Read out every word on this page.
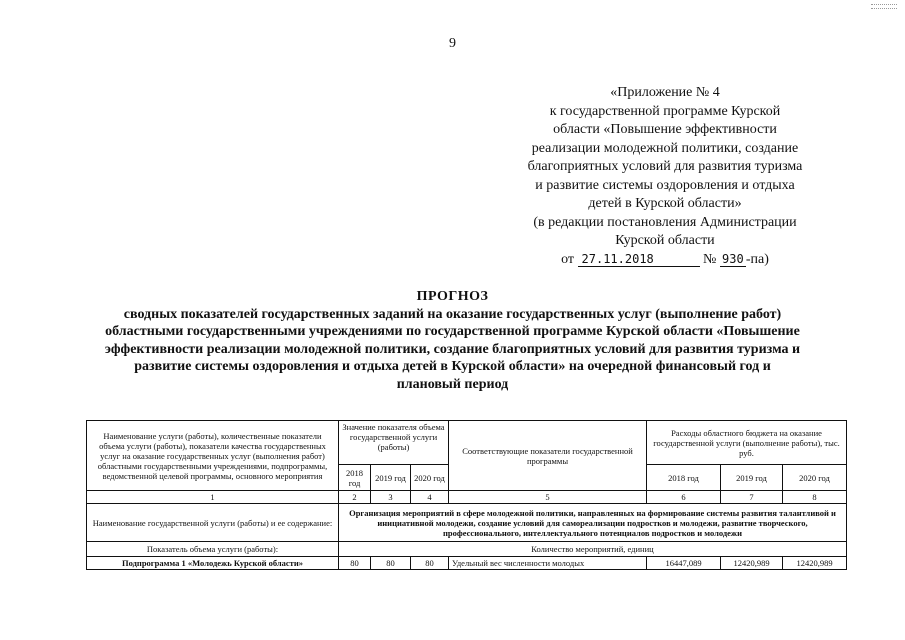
9
«Приложение № 4
к государственной программе Курской
области «Повышение эффективности
реализации молодежной политики, создание
благоприятных условий для развития туризма
и развитие системы оздоровления и отдыха
детей в Курской области»
(в редакции постановления Администрации
Курской области
от 27.11.2018	№ 930 -па)
ПРОГНОЗ
сводных показателей государственных заданий на оказание государственных услуг (выполнение работ)
областными государственными учреждениями по государственной программе Курской области «Повышение
эффективности реализации молодежной политики, создание благоприятных условий для развития туризма и
развитие системы оздоровления и отдыха детей в Курской области» на очередной финансовый год и
плановый период
Наименование услуги (работы), количественные показатели объема услуги (работы), показатели качества государственных услуг на оказание государственных услуг (выполнения работ) областными государственными учреждениями, подпрограммы, ведомственной целевой программы, основного мероприятия	Значение показателя объема государственной услуги (работы)			Соответствующие показатели государственной программы	Расходы областного бюджета на оказание государственной услуги (выполнение работы), тыс. руб.		
	2018 год	2019 год	2020 год		2018 год	2019 год	2020 год
1	2	3	4	5	6	7	8
Наименование государственной услуги (работы) и ее содержание:	Организация мероприятий в сфере молодежной политики, направленных на формирование системы развития талантливой и инициативной молодежи, создание условий для самореализации подростков и молодежи, развитие творческого, профессионального, интеллектуального потенциалов подростков и молодежи						
Показатель объема услуги (работы):	Количество мероприятий, единиц						
Подпрограмма 1 «Молодежь Курской области»	80	80	80	Удельный вес численности молодых	16447,089	12420,989	12420,989
